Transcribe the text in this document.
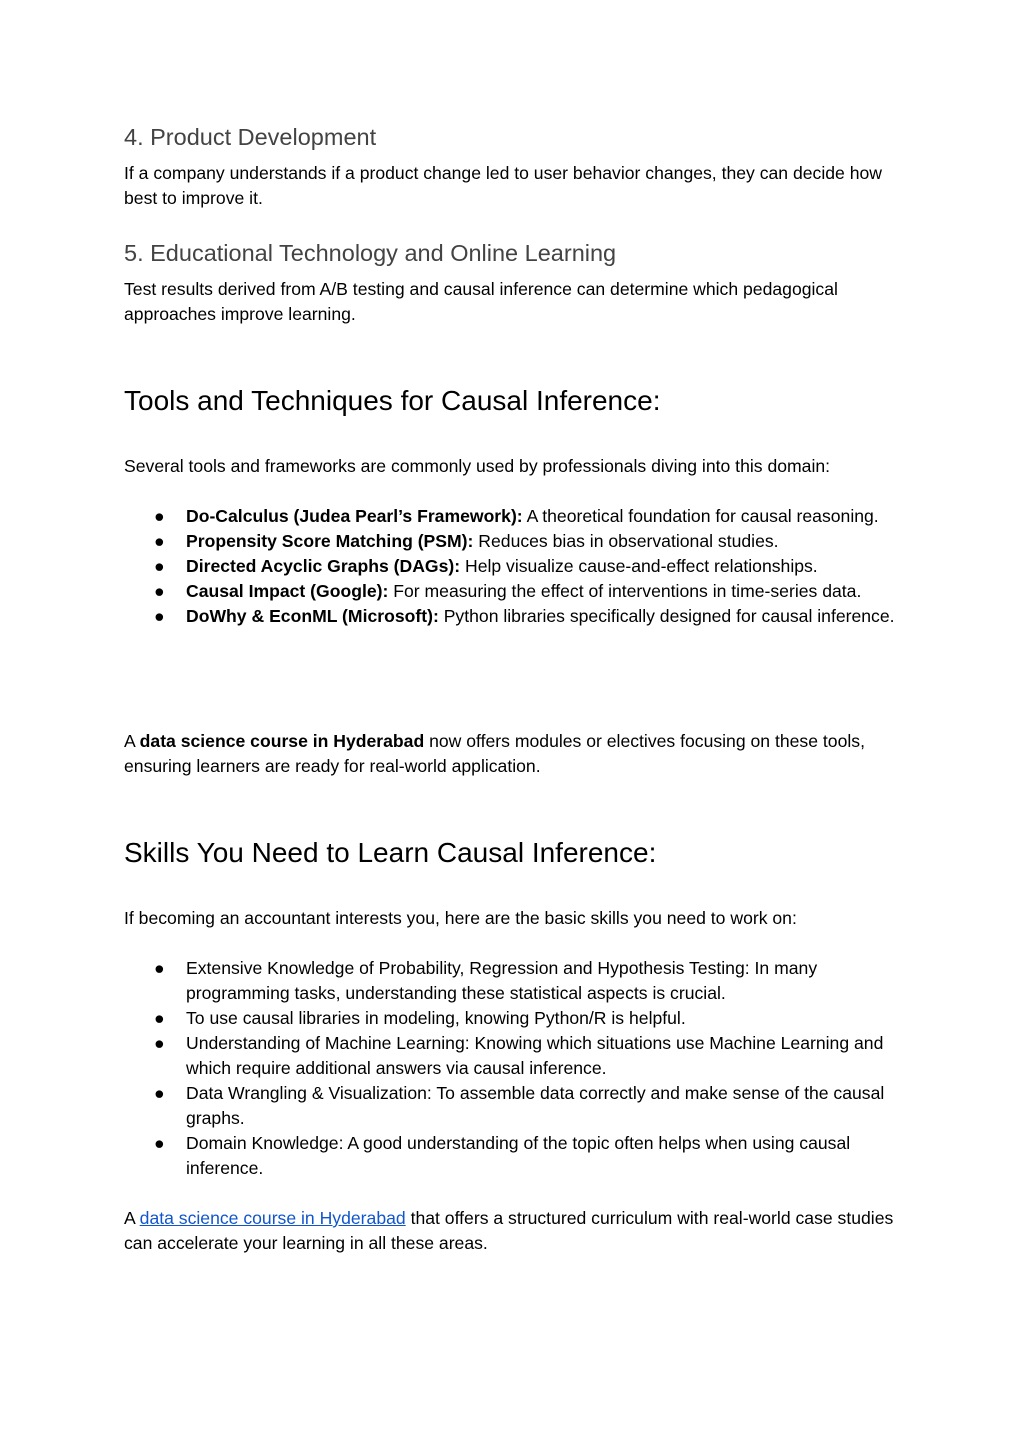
4. Product Development

If a company understands if a product change led to user behavior changes, they can decide how best to improve it.

5. Educational Technology and Online Learning

Test results derived from A/B testing and causal inference can determine which pedagogical approaches improve learning.

Tools and Techniques for Causal Inference:

Several tools and frameworks are commonly used by professionals diving into this domain:

● Do-Calculus (Judea Pearl’s Framework): A theoretical foundation for causal reasoning.
● Propensity Score Matching (PSM): Reduces bias in observational studies.
● Directed Acyclic Graphs (DAGs): Help visualize cause-and-effect relationships.
● Causal Impact (Google): For measuring the effect of interventions in time-series data.
● DoWhy & EconML (Microsoft): Python libraries specifically designed for causal inference.

A data science course in Hyderabad now offers modules or electives focusing on these tools, ensuring learners are ready for real-world application.

Skills You Need to Learn Causal Inference:

If becoming an accountant interests you, here are the basic skills you need to work on:

● Extensive Knowledge of Probability, Regression and Hypothesis Testing: In many programming tasks, understanding these statistical aspects is crucial.
● To use causal libraries in modeling, knowing Python/R is helpful.
● Understanding of Machine Learning: Knowing which situations use Machine Learning and which require additional answers via causal inference.
● Data Wrangling & Visualization: To assemble data correctly and make sense of the causal graphs.
● Domain Knowledge: A good understanding of the topic often helps when using causal inference.

A data science course in Hyderabad that offers a structured curriculum with real-world case studies can accelerate your learning in all these areas.
